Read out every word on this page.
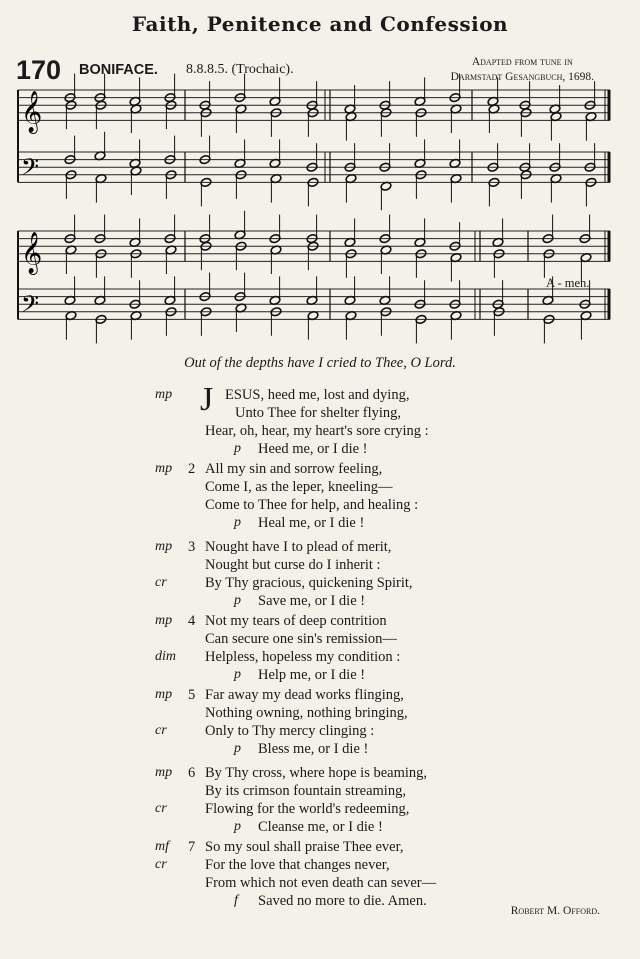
Faith, Penitence and Confession
170 BONIFACE. 8.8.8.5. (Trochaic).	Adapted from tune in
Darmstadt Gesangbuch, 1698.
𝄞
𝄢
𝄞
𝄢
A - men.
Out of the depths have I cried to Thee, O Lord.
J
mp	ESUS, heed me, lost and dying,
Unto Thee for shelter flying,
Hear, oh, hear, my heart's sore crying :
p Heed me, or I die !
2
mp All my sin and sorrow feeling,
Come I, as the leper, kneeling—
Come to Thee for help, and healing :
p Heal me, or I die !
3
mp Nought have I to plead of merit,
Nought but curse do I inherit :
cr	By Thy gracious, quickening Spirit,
p Save me, or I die !
4
mp Not my tears of deep contrition
Can secure one sin's remission—
dim Helpless, hopeless my condition :
p Help me, or I die !
5
mp Far away my dead works flinging,
Nothing owning, nothing bringing,
cr	Only to Thy mercy clinging :
p Bless me, or I die !
6
mp By Thy cross, where hope is beaming,
By its crimson fountain streaming,
cr	Flowing for the world's redeeming,
p Cleanse me, or I die !
7
mf So my soul shall praise Thee ever,
cr	For the love that changes never,
From which not even death can sever—
f Saved no more to die. Amen.
Robert M. Offord.
